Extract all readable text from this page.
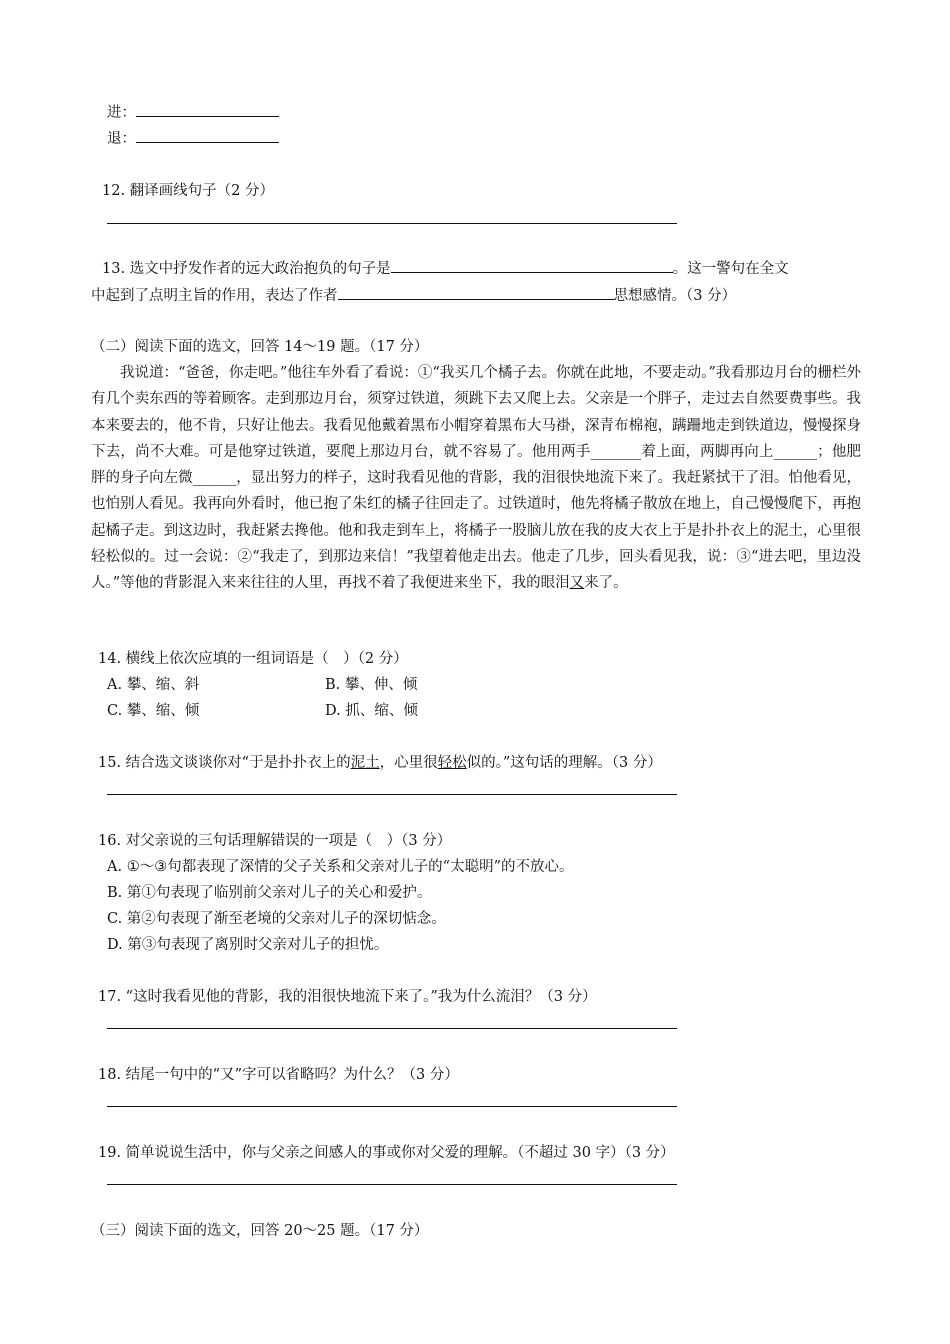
进：
退：
12. 翻译画线句子（2 分）
13. 选文中抒发作者的远大政治抱负的句子是	。这一警句在全文
中起到了点明主旨的作用，表达了作者	思想感情。（3 分）
（二）阅读下面的选文，回答 14～19 题。（17 分）

我说道：“爸爸，你走吧。”他往车外看了看说：①“我买几个橘子去。你就在此地，不要走动。”我看那边月台的栅栏外有几个卖东西的等着顾客。走到那边月台，须穿过铁道，须跳下去又爬上去。父亲是一个胖子，走过去自然要费事些。我本来要去的，他不肯，只好让他去。我看见他戴着黑布小帽穿着黑布大马褂，深青布棉袍，蹒跚地走到铁道边，慢慢探身下去，尚不大难。可是他穿过铁道，要爬上那边月台，就不容易了。他用两手_______着上面，两脚再向上______；他肥胖的身子向左微______，显出努力的样子，这时我看见他的背影，我的泪很快地流下来了。我赶紧拭干了泪。怕他看见，也怕别人看见。我再向外看时，他已抱了朱红的橘子往回走了。过铁道时，他先将橘子散放在地上，自己慢慢爬下，再抱起橘子走。到这边时，我赶紧去搀他。他和我走到车上，将橘子一股脑儿放在我的皮大衣上于是扑扑衣上的泥土，心里很轻松似的。过一会说：②“我走了，到那边来信！”我望着他走出去。他走了几步，回头看见我，说：③“进去吧，里边没人。”等他的背影混入来来往往的人里，再找不着了我便进来坐下，我的眼泪又来了。

14. 横线上依次应填的一组词语是（　）（2 分）
A. 攀、缩、斜	B. 攀、伸、倾
C. 攀、缩、倾	D. 抓、缩、倾
15. 结合选文谈谈你对“于是扑扑衣上的泥土，心里很轻松似的。”这句话的理解。（3 分）
16. 对父亲说的三句话理解错误的一项是（　）（3 分）
A. ①～③句都表现了深情的父子关系和父亲对儿子的“太聪明”的不放心。
B. 第①句表现了临别前父亲对儿子的关心和爱护。
C. 第②句表现了渐至老境的父亲对儿子的深切惦念。
D. 第③句表现了离别时父亲对儿子的担忧。
17. “这时我看见他的背影，我的泪很快地流下来了。”我为什么流泪？（3 分）
18. 结尾一句中的“又”字可以省略吗？为什么？（3 分）
19. 简单说说生活中，你与父亲之间感人的事或你对父爱的理解。（不超过 30 字）（3 分）
（三）阅读下面的选文，回答 20～25 题。（17 分）
